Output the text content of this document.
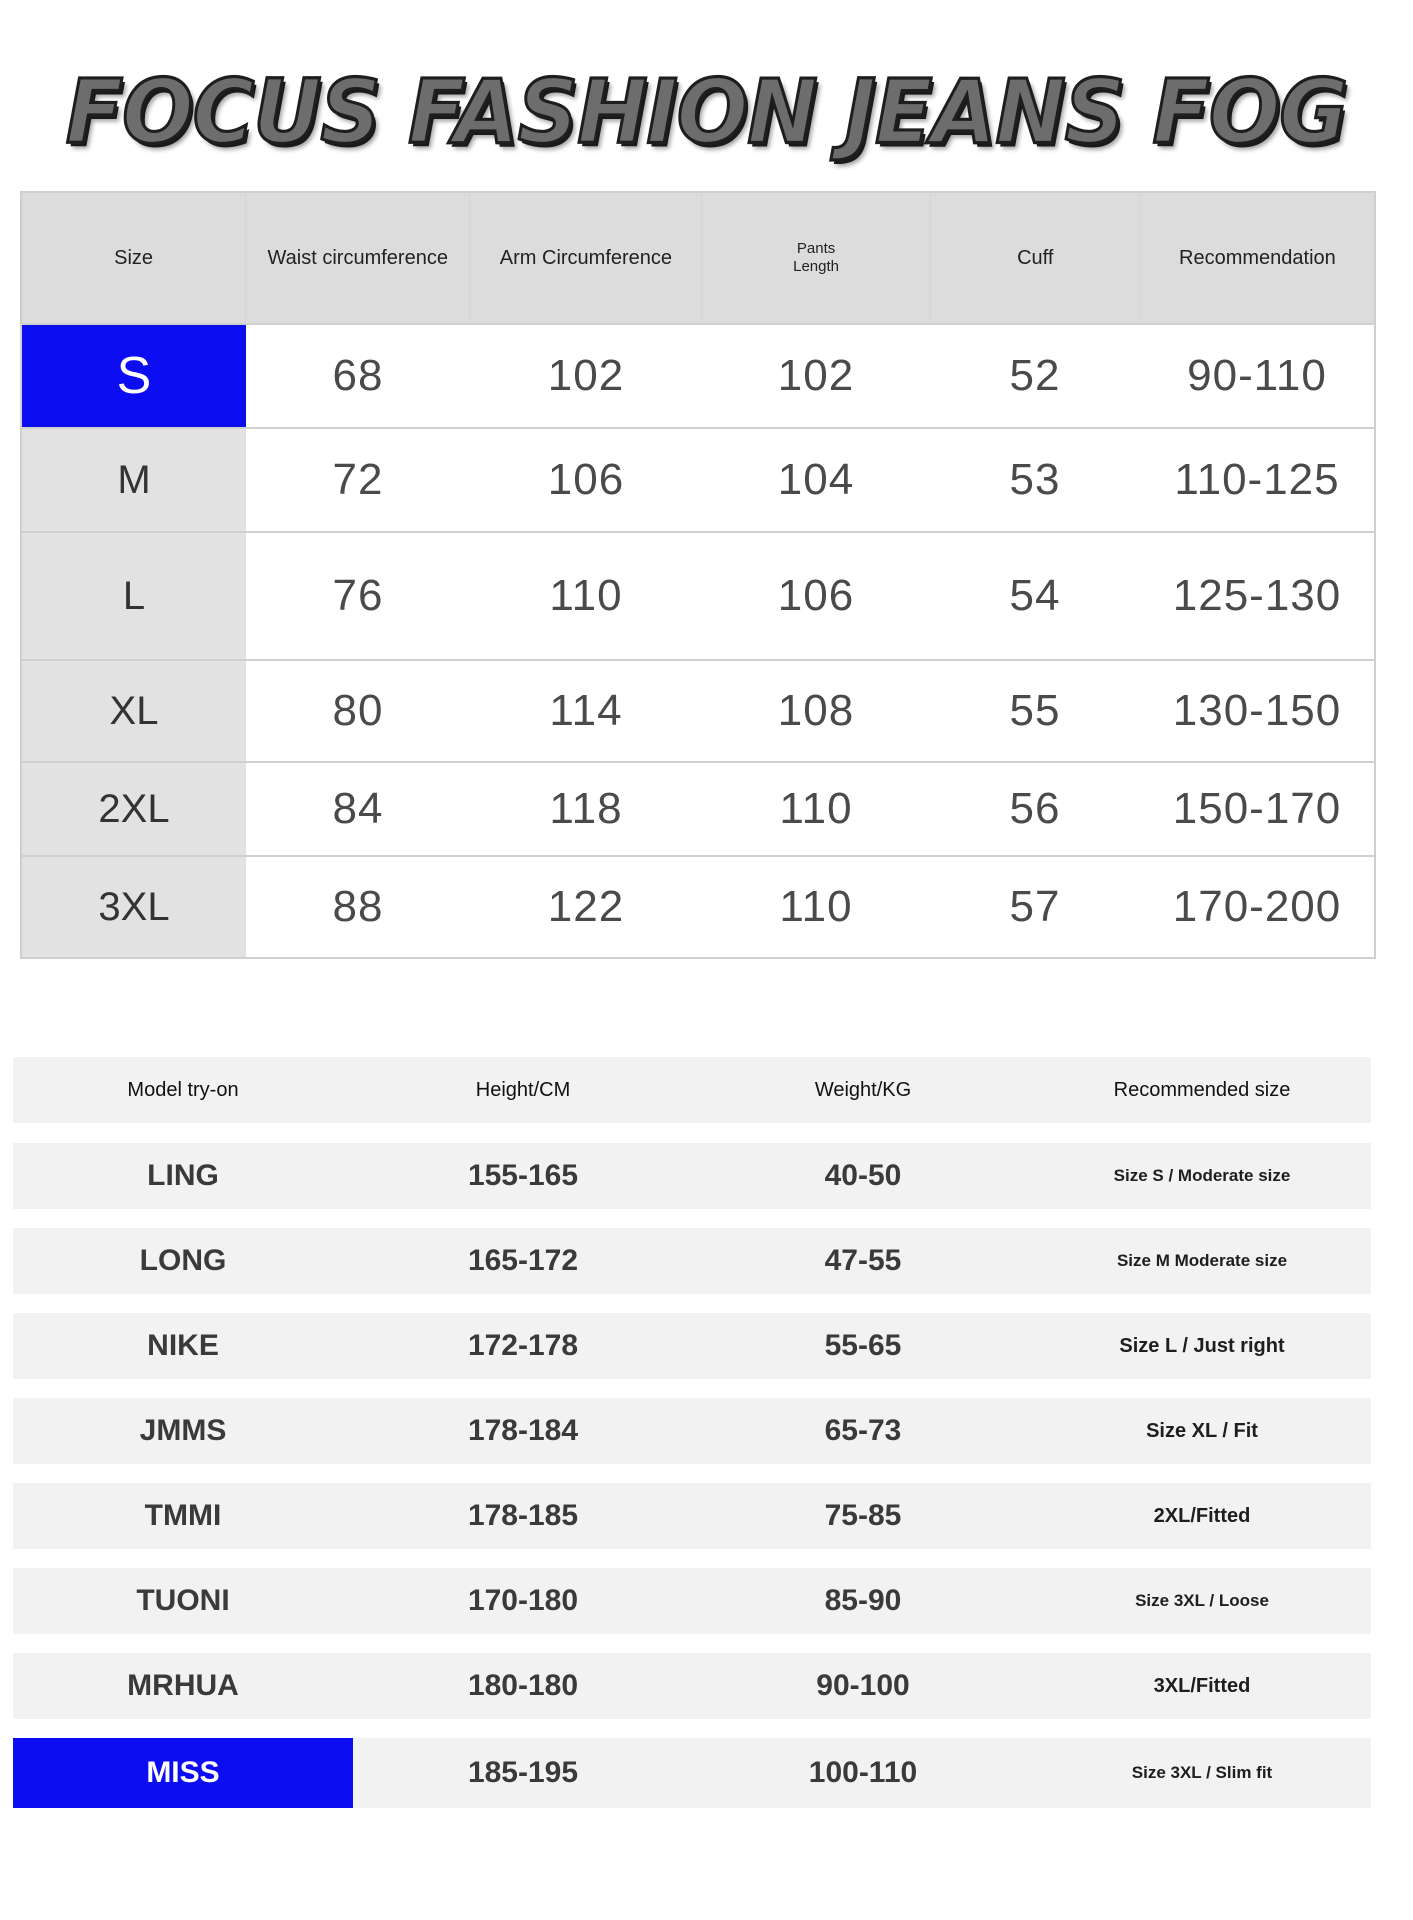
FOCUS FASHION JEANS FOG
Size	Waist circumference	Arm Circumference	Pants Length	Cuff	Recommendation
S	68	102	102	52	90-110
M	72	106	104	53	110-125
L	76	110	106	54	125-130
XL	80	114	108	55	130-150
2XL	84	118	110	56	150-170
3XL	88	122	110	57	170-200
Model try-on	Height/CM	Weight/KG	Recommended size
LING	155-165	40-50	Size S / Moderate size
LONG	165-172	47-55	Size M Moderate size
NIKE	172-178	55-65	Size L / Just right
JMMS	178-184	65-73	Size XL / Fit
TMMI	178-185	75-85	2XL/Fitted
TUONI	170-180	85-90	Size 3XL / Loose
MRHUA	180-180	90-100	3XL/Fitted
MISS	185-195	100-110	Size 3XL / Slim fit
